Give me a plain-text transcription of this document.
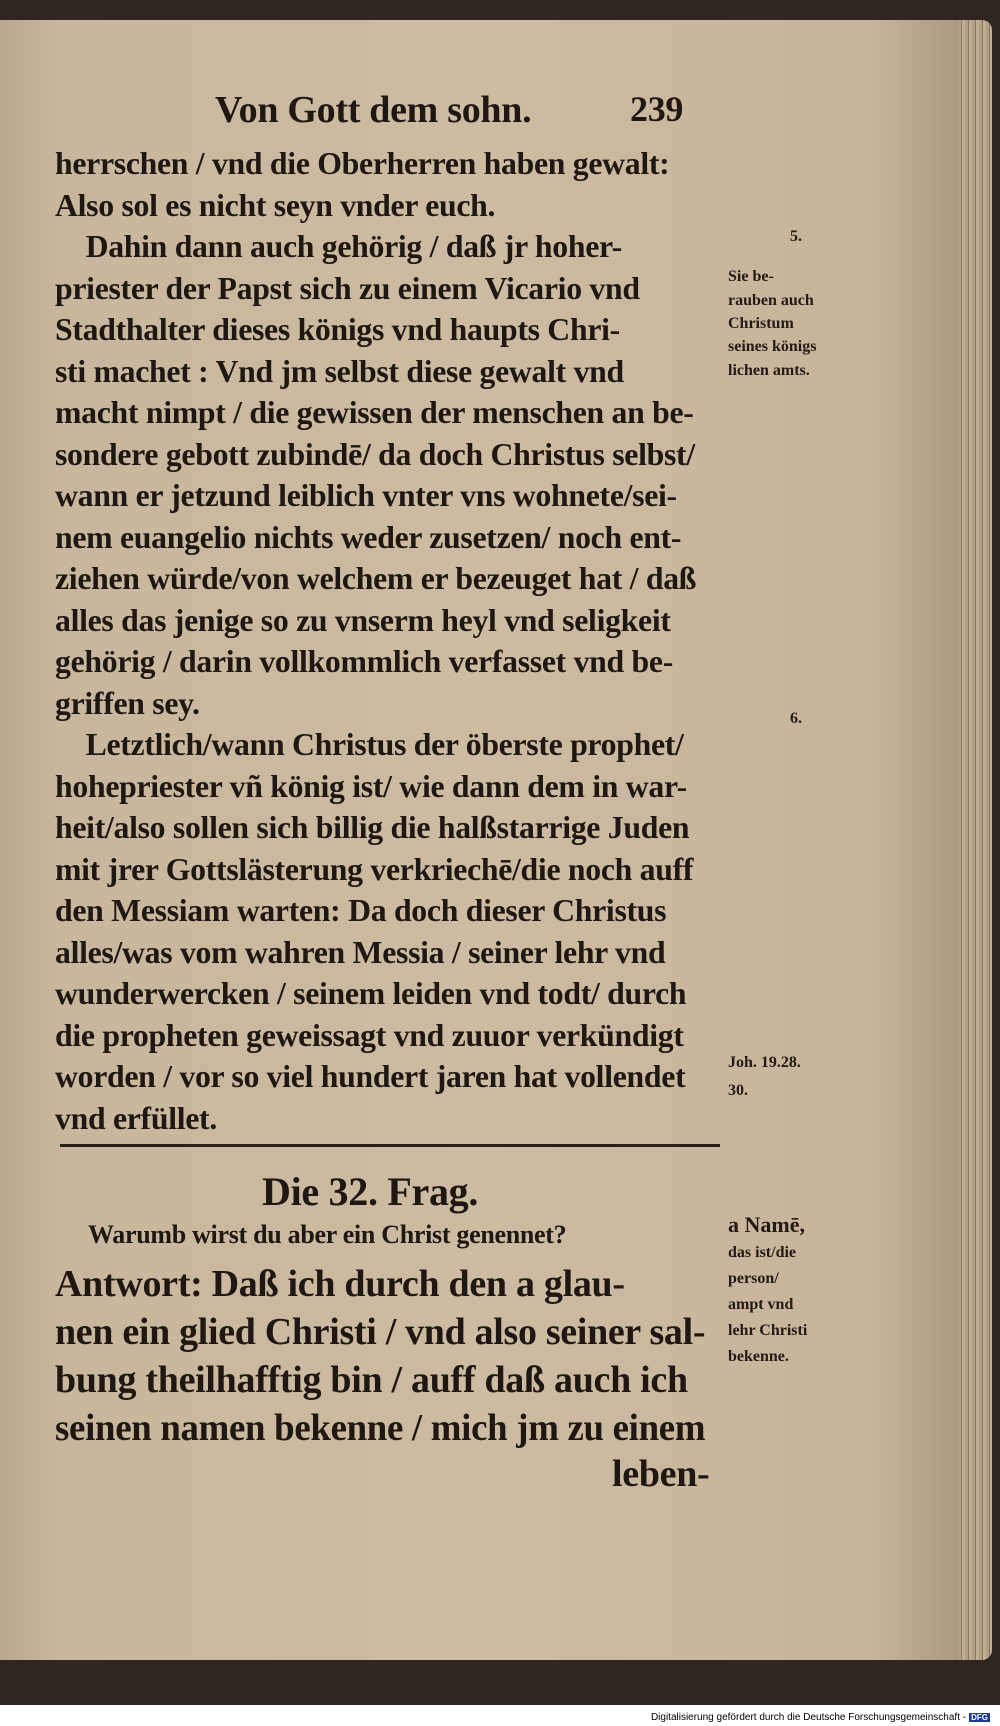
Von Gott dem sohn.	239
herrschen / vnd die Oberherren haben gewalt:
Also sol es nicht seyn vnder euch.
Dahin dann auch gehörig / daß jr hoher-
priester der Papst sich zu einem Vicario vnd
Stadthalter dieses königs vnd haupts Chri-
sti machet : Vnd jm selbst diese gewalt vnd
macht nimpt / die gewissen der menschen an be-
sondere gebott zubindē/ da doch Christus selbst/
wann er jetzund leiblich vnter vns wohnete/sei-
nem euangelio nichts weder zusetzen/ noch ent-
ziehen würde/von welchem er bezeuget hat / daß
alles das jenige so zu vnserm heyl vnd seligkeit
gehörig / darin vollkommlich verfasset vnd be-
griffen sey.
Letztlich/wann Christus der öberste prophet/
hohepriester vñ könig ist/ wie dann dem in war-
heit/also sollen sich billig die halßstarrige Juden
mit jrer Gottslästerung verkriechē/die noch auff
den Messiam warten: Da doch dieser Christus
alles/was vom wahren Messia / seiner lehr vnd
wunderwercken / seinem leiden vnd todt/ durch
die propheten geweissagt vnd zuuor verkündigt
worden / vor so viel hundert jaren hat vollendet
vnd erfüllet.
5.
Sie be-
rauben auch
Christum
seines königs
lichen amts.
6.
Joh. 19.28.
30.
a Namē,
das ist/die
person/
ampt vnd
lehr Christi
bekenne.
Die 32. Frag.
Warumb wirst du aber ein Christ genennet?
Antwort: Daß ich durch den a glau-
nen ein glied Christi / vnd also seiner sal-
bung theilhafftig bin / auff daß auch ich
seinen namen bekenne / mich jm zu einem
leben-
Digitalisierung gefördert durch die Deutsche Forschungsgemeinschaft - DFG
